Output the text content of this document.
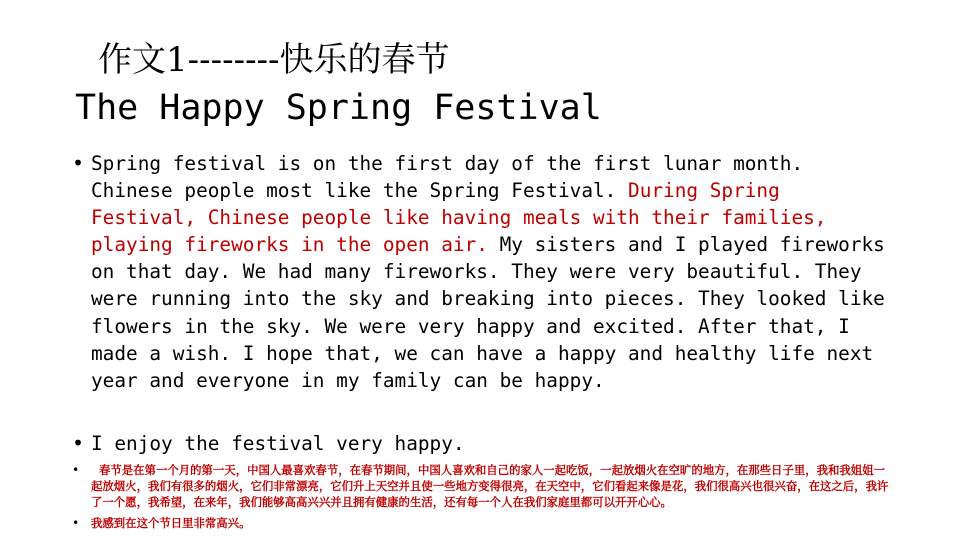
作文1--------快乐的春节
The Happy Spring Festival
• Spring festival is on the first day of the first lunar month. Chinese people most like the Spring Festival. During Spring Festival, Chinese people like having meals with their families, playing fireworks in the open air. My sisters and I played fireworks on that day. We had many fireworks. They were very beautiful. They were running into the sky and breaking into pieces. They looked like flowers in the sky. We were very happy and excited. After that, I made a wish. I hope that, we can have a happy and healthy life next year and everyone in my family can be happy.
• I enjoy the festival very happy.
•	春节是在第一个月的第一天，中国人最喜欢春节，在春节期间，中国人喜欢和自己的家人一起吃饭，一起放烟火在空旷的地方，在那些日子里，我和我姐姐一起放烟火，我们有很多的烟火，它们非常漂亮，它们升上天空并且使一些地方变得很亮，在天空中，它们看起来像是花，我们很高兴也很兴奋，在这之后，我许了一个愿，我希望，在来年，我们能够高高兴兴并且拥有健康的生活，还有每一个人在我们家庭里都可以开开心心。
• 我感到在这个节日里非常高兴。
